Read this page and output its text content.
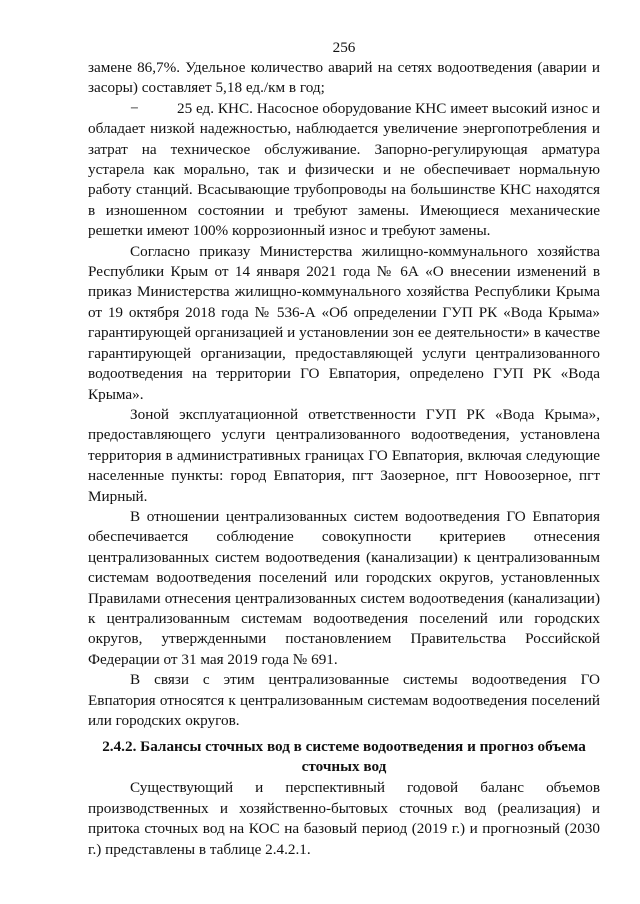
256

замене 86,7%. Удельное количество аварий на сетях водоотведения (аварии и засоры) составляет 5,18 ед./км в год;

−	25 ед. КНС. Насосное оборудование КНС имеет высокий износ и обладает низкой надежностью, наблюдается увеличение энергопотребления и затрат на техническое обслуживание. Запорно-регулирующая арматура устарела как морально, так и физически и не обеспечивает нормальную работу станций. Всасывающие трубопроводы на большинстве КНС находятся в изношенном состоянии и требуют замены. Имеющиеся механические решетки имеют 100% коррозионный износ и требуют замены.

Согласно приказу Министерства жилищно-коммунального хозяйства Республики Крым от 14 января 2021 года № 6А «О внесении изменений в приказ Министерства жилищно-коммунального хозяйства Республики Крыма от 19 октября 2018 года № 536-А «Об определении ГУП РК «Вода Крыма» гарантирующей организацией и установлении зон ее деятельности» в качестве гарантирующей организации, предоставляющей услуги централизованного водоотведения на территории ГО Евпатория, определено ГУП РК «Вода Крыма».

Зоной эксплуатационной ответственности ГУП РК «Вода Крыма», предоставляющего услуги централизованного водоотведения, установлена территория в административных границах ГО Евпатория, включая следующие населенные пункты: город Евпатория, пгт Заозерное, пгт Новоозерное, пгт Мирный.

В отношении централизованных систем водоотведения ГО Евпатория обеспечивается соблюдение совокупности критериев отнесения централизованных систем водоотведения (канализации) к централизованным системам водоотведения поселений или городских округов, установленных Правилами отнесения централизованных систем водоотведения (канализации) к централизованным системам водоотведения поселений или городских округов, утвержденными постановлением Правительства Российской Федерации от 31 мая 2019 года № 691.

В связи с этим централизованные системы водоотведения ГО Евпатория относятся к централизованным системам водоотведения поселений или городских округов.

2.4.2. Балансы сточных вод в системе водоотведения и прогноз объема сточных вод

Существующий и перспективный годовой баланс объемов производственных и хозяйственно-бытовых сточных вод (реализация) и притока сточных вод на КОС на базовый период (2019 г.) и прогнозный (2030 г.) представлены в таблице 2.4.2.1.
